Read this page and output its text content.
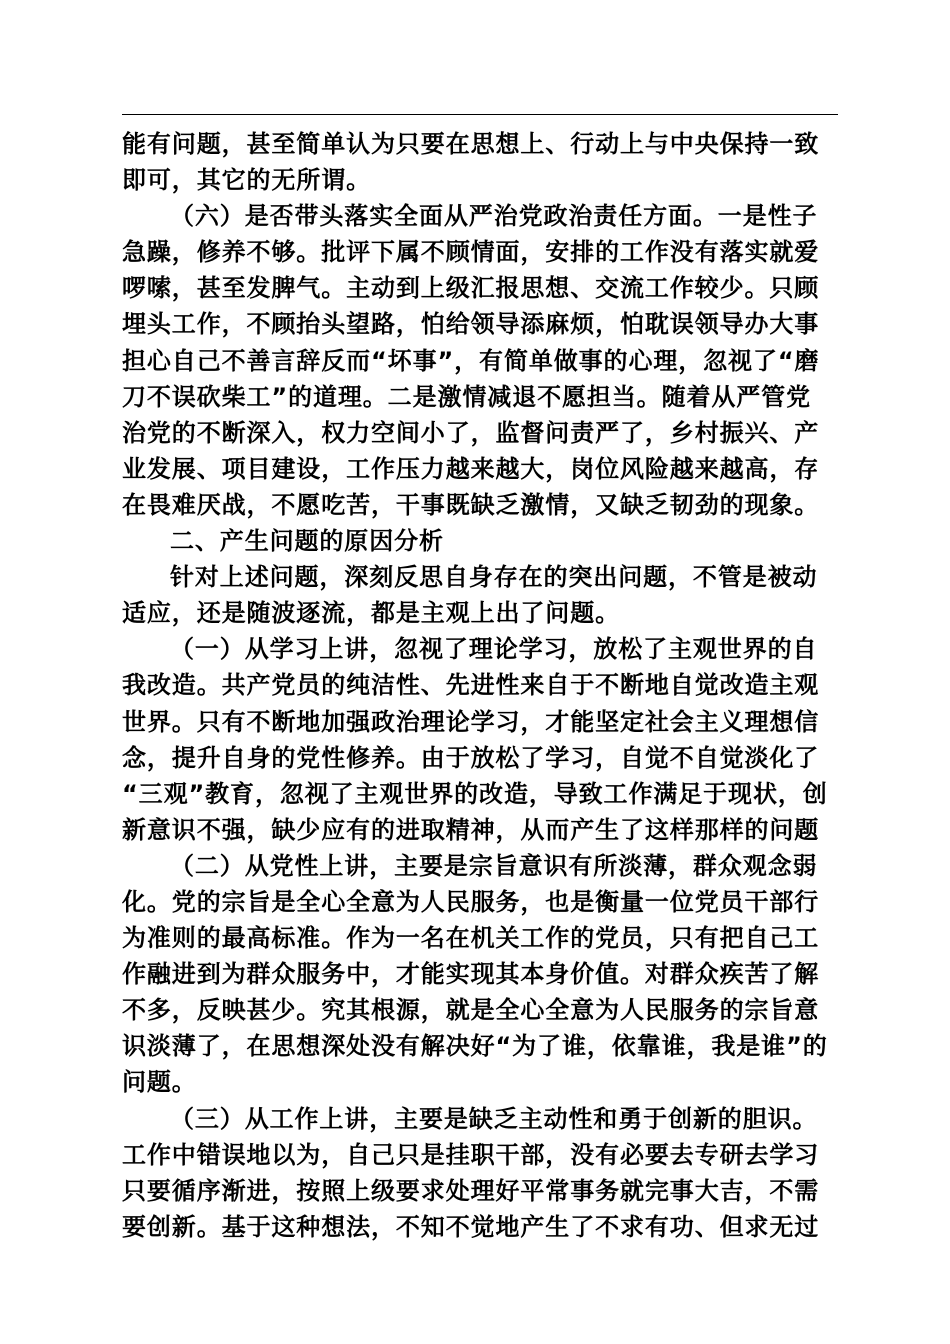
能有问题，甚至简单认为只要在思想上、行动上与中央保持一致
即可，其它的无所谓。
（六）是否带头落实全面从严治党政治责任方面。一是性子
急躁，修养不够。批评下属不顾情面，安排的工作没有落实就爱
啰嗦，甚至发脾气。主动到上级汇报思想、交流工作较少。只顾
埋头工作，不顾抬头望路，怕给领导添麻烦，怕耽误领导办大事
担心自己不善言辞反而“坏事”，有简单做事的心理，忽视了“磨
刀不误砍柴工”的道理。二是激情减退不愿担当。随着从严管党
治党的不断深入，权力空间小了，监督问责严了，乡村振兴、产
业发展、项目建设，工作压力越来越大，岗位风险越来越高，存
在畏难厌战，不愿吃苦，干事既缺乏激情，又缺乏韧劲的现象。
二、产生问题的原因分析
针对上述问题，深刻反思自身存在的突出问题，不管是被动
适应，还是随波逐流，都是主观上出了问题。
（一）从学习上讲，忽视了理论学习，放松了主观世界的自
我改造。共产党员的纯洁性、先进性来自于不断地自觉改造主观
世界。只有不断地加强政治理论学习，才能坚定社会主义理想信
念，提升自身的党性修养。由于放松了学习，自觉不自觉淡化了
“三观”教育，忽视了主观世界的改造，导致工作满足于现状，创
新意识不强，缺少应有的进取精神，从而产生了这样那样的问题
（二）从党性上讲，主要是宗旨意识有所淡薄，群众观念弱
化。党的宗旨是全心全意为人民服务，也是衡量一位党员干部行
为准则的最高标准。作为一名在机关工作的党员，只有把自己工
作融进到为群众服务中，才能实现其本身价值。对群众疾苦了解
不多，反映甚少。究其根源，就是全心全意为人民服务的宗旨意
识淡薄了，在思想深处没有解决好“为了谁，依靠谁，我是谁”的
问题。
（三）从工作上讲，主要是缺乏主动性和勇于创新的胆识。
工作中错误地以为，自己只是挂职干部，没有必要去专研去学习
只要循序渐进，按照上级要求处理好平常事务就完事大吉，不需
要创新。基于这种想法，不知不觉地产生了不求有功、但求无过
